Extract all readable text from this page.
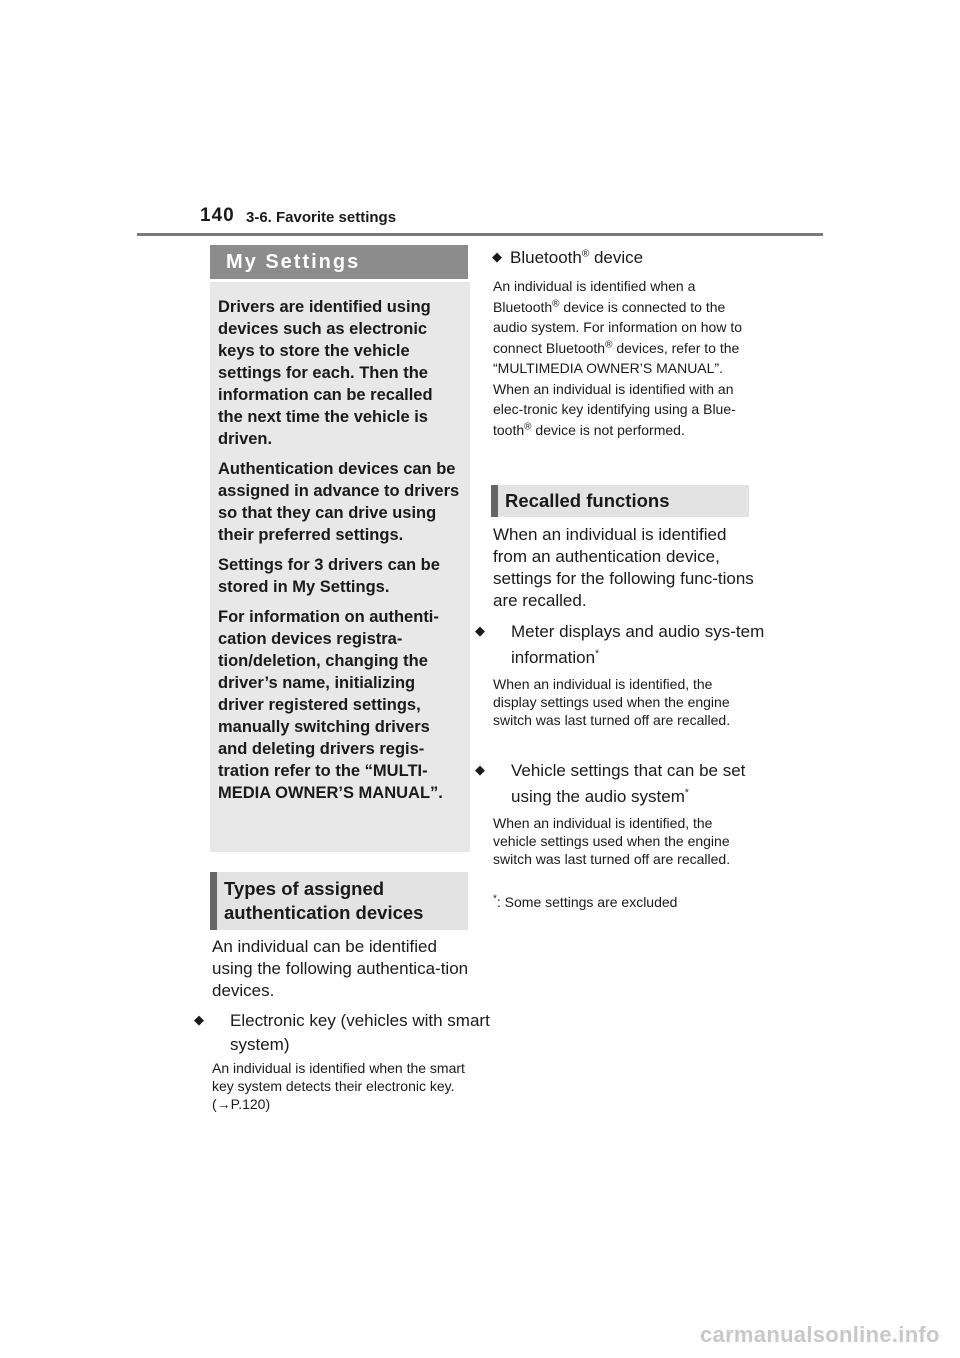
140 3-6. Favorite settings
My Settings

Drivers are identified using devices such as electronic keys to store the vehicle settings for each. Then the information can be recalled the next time the vehicle is driven.

Authentication devices can be assigned in advance to drivers so that they can drive using their preferred settings.

Settings for 3 drivers can be stored in My Settings.

For information on authenti-cation devices registra-tion/deletion, changing the driver’s name, initializing driver registered settings, manually switching drivers and deleting drivers regis-tration refer to the “MULTI-MEDIA OWNER’S MANUAL”.

Types of assigned
authentication devices
An individual can be identified using the following authentica-tion devices.
◆ Electronic key (vehicles with smart system)
An individual is identified when the smart key system detects their electronic key. (→P.120)
◆ Bluetooth® device
An individual is identified when a Bluetooth® device is connected to the audio system. For information on how to connect Bluetooth® devices, refer to the “MULTIMEDIA OWNER’S MANUAL”. When an individual is identified with an elec-tronic key identifying using a Blue-tooth® device is not performed.
Recalled functions
When an individual is identified from an authentication device, settings for the following func-tions are recalled.
◆ Meter displays and audio sys-tem information*
When an individual is identified, the display settings used when the engine switch was last turned off are recalled.
◆ Vehicle settings that can be set using the audio system*
When an individual is identified, the vehicle settings used when the engine switch was last turned off are recalled.
*: Some settings are excluded
carmanualsonline.info
